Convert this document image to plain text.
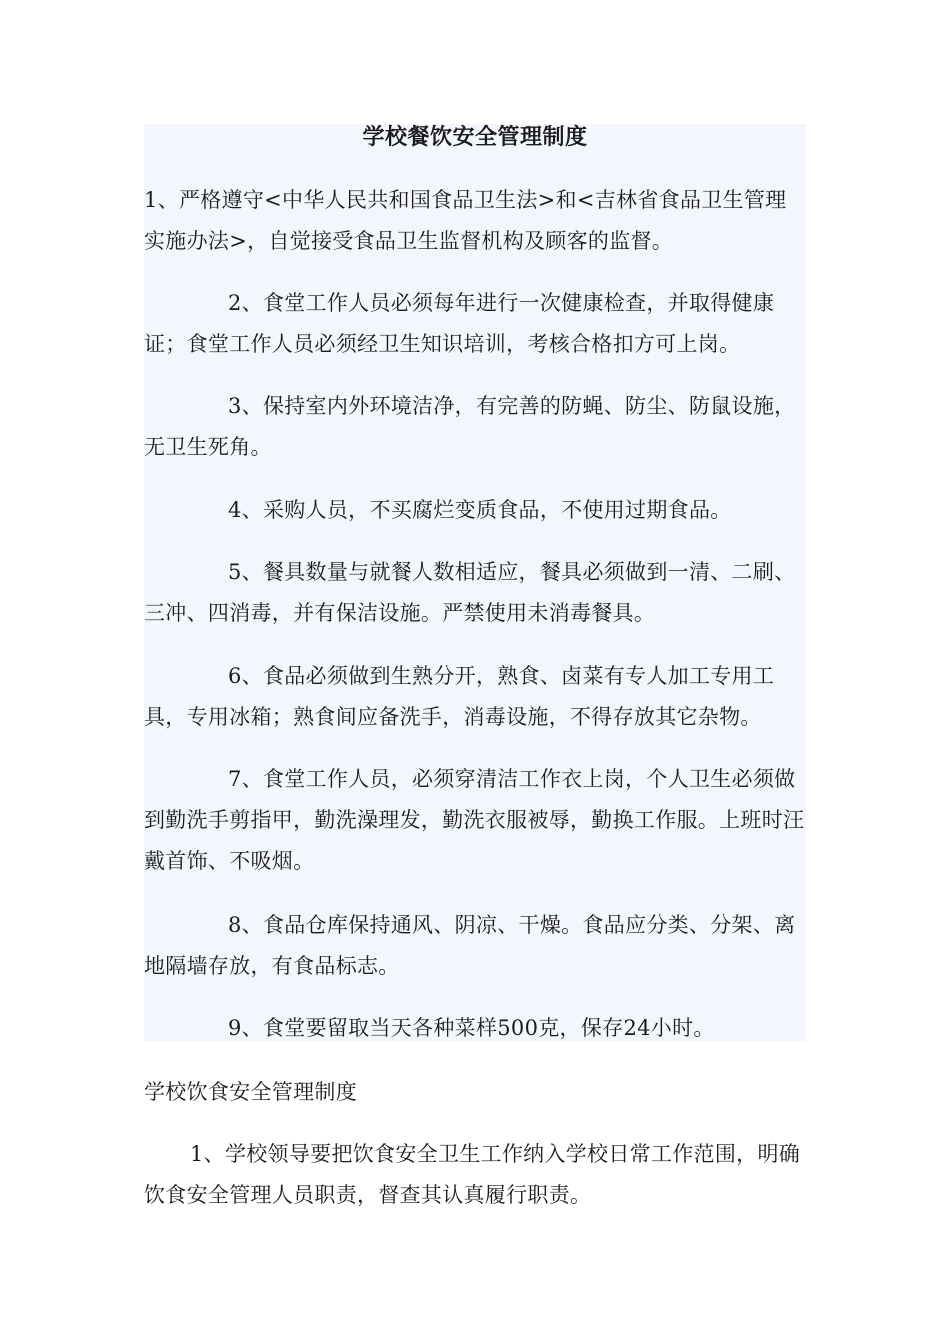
学校餐饮安全管理制度

1、严格遵守<中华人民共和国食品卫生法>和<吉林省食品卫生管理实施办法>，自觉接受食品卫生监督机构及顾客的监督。

2、食堂工作人员必须每年进行一次健康检查，并取得健康证；食堂工作人员必须经卫生知识培训，考核合格扣方可上岗。

3、保持室内外环境洁净，有完善的防蝇、防尘、防鼠设施，无卫生死角。

4、采购人员，不买腐烂变质食品，不使用过期食品。

5、餐具数量与就餐人数相适应，餐具必须做到一清、二刷、三冲、四消毒，并有保洁设施。严禁使用未消毒餐具。

6、食品必须做到生熟分开，熟食、卤菜有专人加工专用工具，专用冰箱；熟食间应备洗手，消毒设施，不得存放其它杂物。

7、食堂工作人员，必须穿清洁工作衣上岗，个人卫生必须做到勤洗手剪指甲，勤洗澡理发，勤洗衣服被辱，勤换工作服。上班时汪戴首饰、不吸烟。

8、食品仓库保持通风、阴凉、干燥。食品应分类、分架、离地隔墙存放，有食品标志。

9、食堂要留取当天各种菜样500克，保存24小时。

学校饮食安全管理制度

1、学校领导要把饮食安全卫生工作纳入学校日常工作范围，明确饮食安全管理人员职责，督查其认真履行职责。
